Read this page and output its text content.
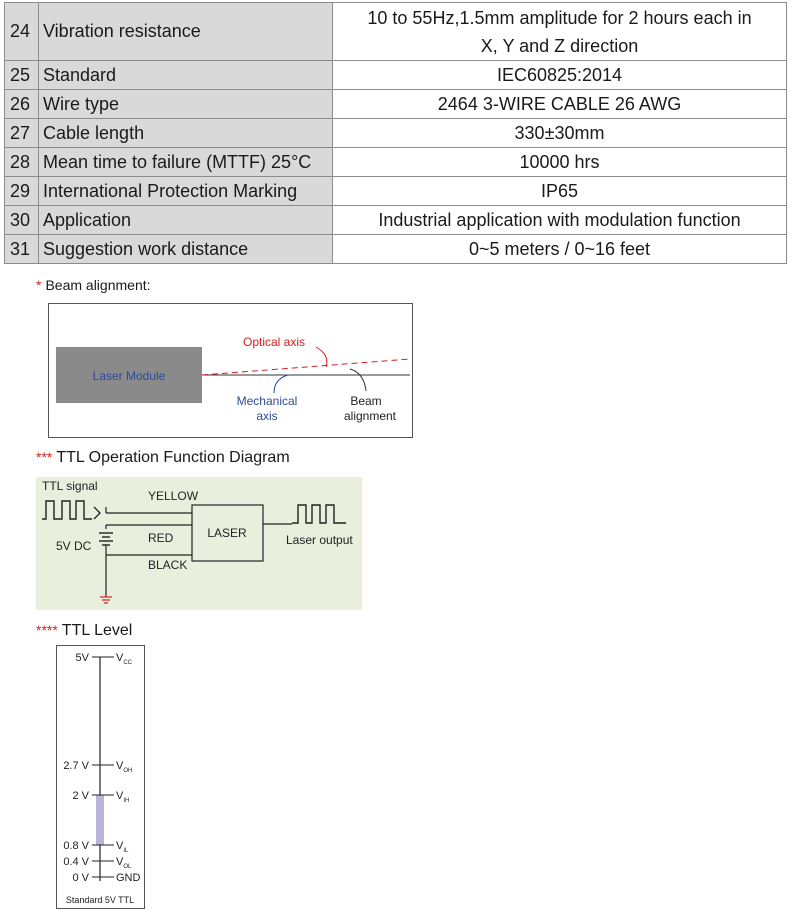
24	Vibration resistance	10 to 55Hz,1.5mm amplitude for 2 hours each in
X, Y and Z direction

25	Standard	IEC60825:2014

26	Wire type	2464 3-WIRE CABLE 26 AWG

27	Cable length	330±30mm

28	Mean time to failure (MTTF) 25°C	10000 hrs

29	International Protection Marking	IP65

30	Application	Industrial application with modulation function

31	Suggestion work distance	0~5 meters / 0~16 feet
* Beam alignment:
Laser Module
Optical axis
Mechanical
axis
Beam
alignment
*** TTL Operation Function Diagram
TTL signal
YELLOW
RED
5V DC
BLACK
LASER	Laser output
**** TTL Level
5V $V_{CC}$
2.7 V $V_{OH}$
2 V $V_{IH}$
0.8 V $V_{IL}$
0.4 V $V_{OL}$
0 V GND
Standard 5V TTL
